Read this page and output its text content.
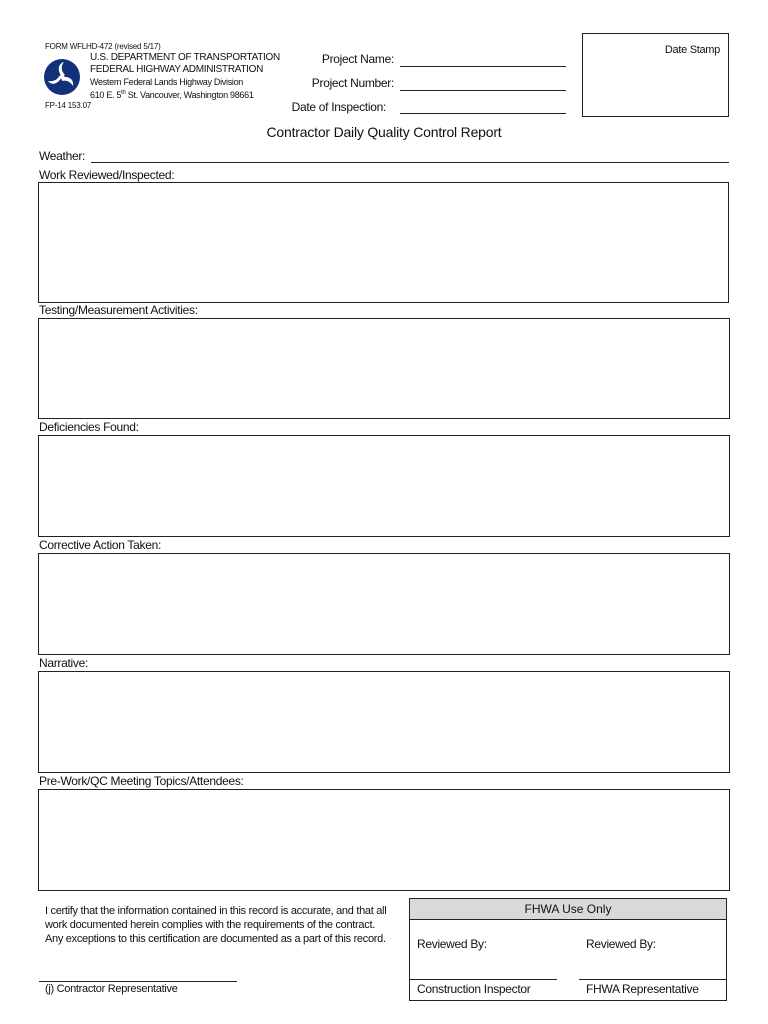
FORM WFLHD-472 (revised 5/17)
U.S. DEPARTMENT OF TRANSPORTATION
FEDERAL HIGHWAY ADMINISTRATION
Western Federal Lands Highway Division
610 E. 5th St. Vancouver, Washington 98661
FP-14 153.07
Project Name:
Project Number:
Date of Inspection:
Date Stamp
Contractor Daily Quality Control Report
Weather:
Work Reviewed/Inspected:
Testing/Measurement Activities:
Deficiencies Found:
Corrective Action Taken:
Narrative:
Pre-Work/QC Meeting Topics/Attendees:
I certify that the information contained in this record is accurate, and that all
work documented herein complies with the requirements of the contract.
Any exceptions to this certification are documented as a part of this record.
(j) Contractor Representative
FHWA Use Only
Reviewed By:	Reviewed By:
Construction Inspector	FHWA Representative
